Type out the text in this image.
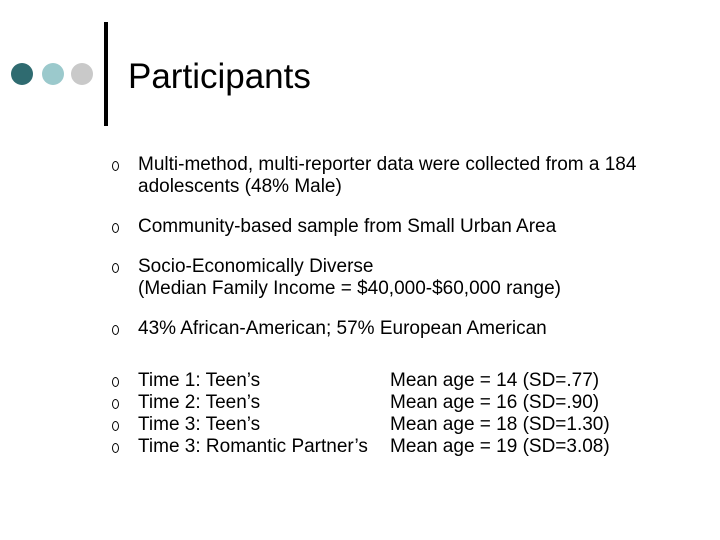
Participants
Multi-method, multi-reporter data were collected from a 184
adolescents (48% Male)
Community-based sample from Small Urban Area
Socio-Economically Diverse
(Median Family Income = $40,000-$60,000 range)
43% African-American; 57% European American
	Time 1: Teen’s	Mean age = 14 (SD=.77)

	Time 2: Teen’s	Mean age = 16 (SD=.90)

	Time 3: Teen’s	Mean age = 18 (SD=1.30)

	Time 3: Romantic Partner’s	Mean age = 19 (SD=3.08)
